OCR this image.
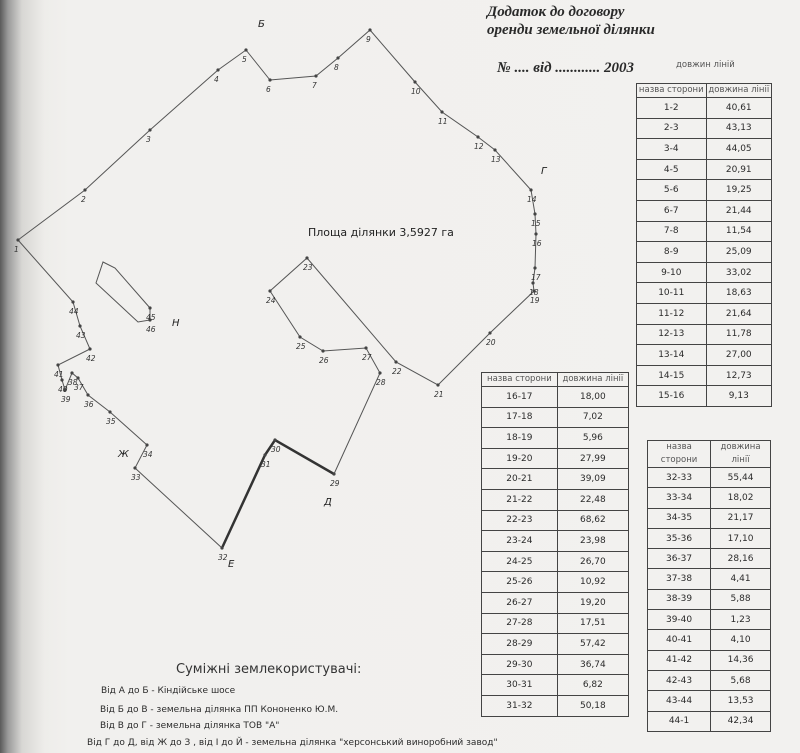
Додаток до договору
оренди земельної ділянки
№ .... від ............ 2003
1
2
3
4
5
6	7
8
9
10
11
12
13
14
15
16
17
18
19
20
21
22
23
24
25
26	27
28
29
30
31
32
33
34
35
36
37
38
39
40
41
42
43
44
45
46
Б
Г
Д
Е
Ж
Н
Площа ділянки 3,5927 га
довжин ліній
назва сторони	довжина лінії
1-2	40,61
2-3	43,13
3-4	44,05
4-5	20,91
5-6	19,25
6-7	21,44
7-8	11,54
8-9	25,09
9-10	33,02
10-11	18,63
11-12	21,64
12-13	11,78
13-14	27,00
14-15	12,73
15-16	9,13
назва сторони	довжина лінії
16-17	18,00
17-18	7,02
18-19	5,96
19-20	27,99
20-21	39,09
21-22	22,48
22-23	68,62
23-24	23,98
24-25	26,70
25-26	10,92
26-27	19,20
27-28	17,51
28-29	57,42
29-30	36,74
30-31	6,82
31-32	50,18
назва сторони	довжина лінії
32-33	55,44
33-34	18,02
34-35	21,17
35-36	17,10
36-37	28,16
37-38	4,41
38-39	5,88
39-40	1,23
40-41	4,10
41-42	14,36
42-43	5,68
43-44	13,53
44-1	42,34
Суміжні землекористувачі:
Від А до Б - Кіндійське шосе
Від Б до В - земельна ділянка ПП Кононенко Ю.М.
Від В до Г - земельна ділянка ТОВ "А"
Від Г до Д, від Ж до З , від І до Й - земельна ділянка "херсонський виноробний завод"
